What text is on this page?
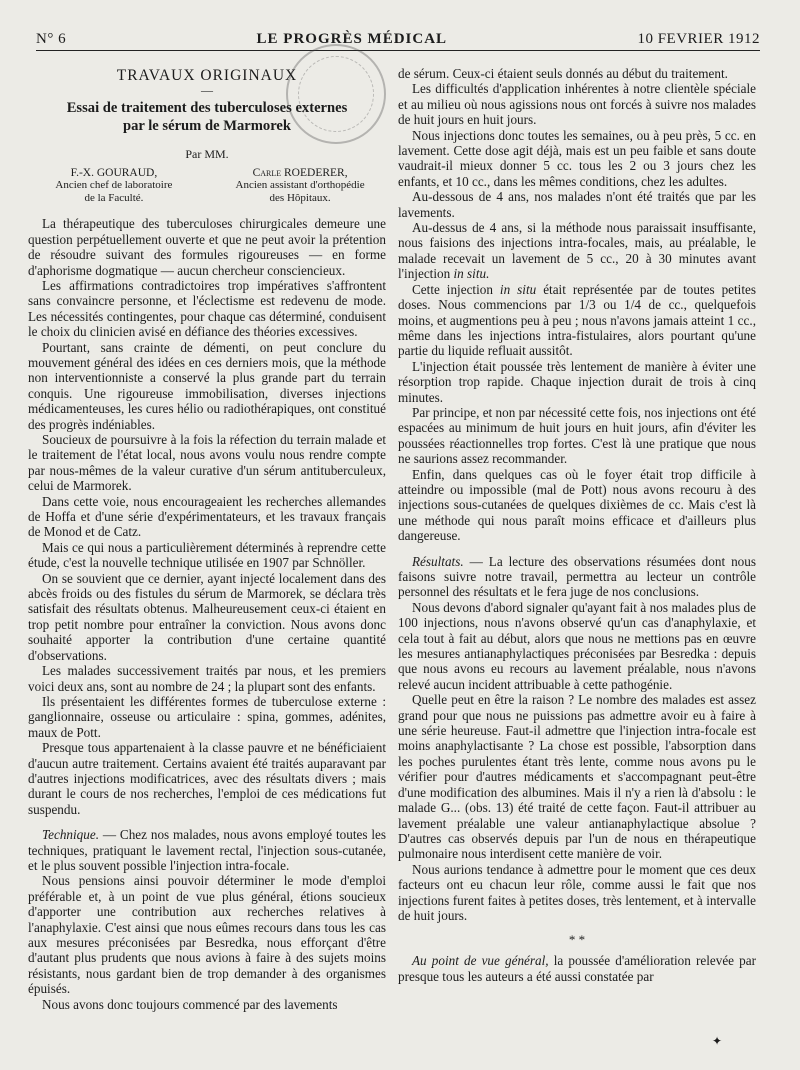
N° 6	LE PROGRÈS MÉDICAL	10 FEVRIER 1912
TRAVAUX ORIGINAUX
—
Essai de traitement des tuberculoses externes
par le sérum de Marmorek
Par MM.
F.-X. GOURAUD,
Ancien chef de laboratoire
de la Faculté.
Carle ROEDERER,
Ancien assistant d'orthopédie
des Hôpitaux.

La thérapeutique des tuberculoses chirurgicales demeure une question perpétuellement ouverte et que ne peut avoir la prétention de résoudre suivant des formules rigoureuses — en forme d'aphorisme dogmatique — aucun chercheur consciencieux.

Les affirmations contradictoires trop impératives s'affrontent sans convaincre personne, et l'éclectisme est redevenu de mode. Les nécessités contingentes, pour chaque cas déterminé, conduisent le choix du clinicien avisé en défiance des théories excessives.

Pourtant, sans crainte de démenti, on peut conclure du mouvement général des idées en ces derniers mois, que la méthode non interventionniste a conservé la plus grande part du terrain conquis. Une rigoureuse immobilisation, diverses injections médicamenteuses, les cures hélio ou radiothérapiques, ont constitué des progrès indéniables.

Soucieux de poursuivre à la fois la réfection du terrain malade et le traitement de l'état local, nous avons voulu nous rendre compte par nous-mêmes de la valeur curative d'un sérum antituberculeux, celui de Marmorek.

Dans cette voie, nous encourageaient les recherches allemandes de Hoffa et d'une série d'expérimentateurs, et les travaux français de Monod et de Catz.

Mais ce qui nous a particulièrement déterminés à reprendre cette étude, c'est la nouvelle technique utilisée en 1907 par Schnöller.

On se souvient que ce dernier, ayant injecté localement dans des abcès froids ou des fistules du sérum de Marmorek, se déclara très satisfait des résultats obtenus. Malheureusement ceux-ci étaient en trop petit nombre pour entraîner la conviction. Nous avons donc souhaité apporter la contribution d'une certaine quantité d'observations.

Les malades successivement traités par nous, et les premiers voici deux ans, sont au nombre de 24 ; la plupart sont des enfants.

Ils présentaient les différentes formes de tuberculose externe : ganglionnaire, osseuse ou articulaire : spina, gommes, adénites, maux de Pott.

Presque tous appartenaient à la classe pauvre et ne bénéficiaient d'aucun autre traitement. Certains avaient été traités auparavant par d'autres injections modificatrices, avec des résultats divers ; mais durant le cours de nos recherches, l'emploi de ces médications fut suspendu.

Technique. — Chez nos malades, nous avons employé toutes les techniques, pratiquant le lavement rectal, l'injection sous-cutanée, et le plus souvent possible l'injection intra-focale.

Nous pensions ainsi pouvoir déterminer le mode d'emploi préférable et, à un point de vue plus général, étions soucieux d'apporter une contribution aux recherches relatives à l'anaphylaxie. C'est ainsi que nous eûmes recours dans tous les cas aux mesures préconisées par Besredka, nous efforçant d'être d'autant plus prudents que nous avions à faire à des sujets moins résistants, nous gardant bien de trop demander à des organismes épuisés.

Nous avons donc toujours commencé par des lavements

de sérum. Ceux-ci étaient seuls donnés au début du traitement.

Les difficultés d'application inhérentes à notre clientèle spéciale et au milieu où nous agissions nous ont forcés à suivre nos malades de huit jours en huit jours.

Nous injections donc toutes les semaines, ou à peu près, 5 cc. en lavement. Cette dose agit déjà, mais est un peu faible et sans doute vaudrait-il mieux donner 5 cc. tous les 2 ou 3 jours chez les enfants, et 10 cc., dans les mêmes conditions, chez les adultes.

Au-dessous de 4 ans, nos malades n'ont été traités que par les lavements.

Au-dessus de 4 ans, si la méthode nous paraissait insuffisante, nous faisions des injections intra-focales, mais, au préalable, le malade recevait un lavement de 5 cc., 20 à 30 minutes avant l'injection in situ.

Cette injection in situ était représentée par de toutes petites doses. Nous commencions par 1/3 ou 1/4 de cc., quelquefois moins, et augmentions peu à peu ; nous n'avons jamais atteint 1 cc., même dans les injections intra-fistulaires, alors pourtant qu'une partie du liquide refluait aussitôt.

L'injection était poussée très lentement de manière à éviter une résorption trop rapide. Chaque injection durait de trois à cinq minutes.

Par principe, et non par nécessité cette fois, nos injections ont été espacées au minimum de huit jours en huit jours, afin d'éviter les poussées réactionnelles trop fortes. C'est là une pratique que nous ne saurions assez recommander.

Enfin, dans quelques cas où le foyer était trop difficile à atteindre ou impossible (mal de Pott) nous avons recouru à des injections sous-cutanées de quelques dixièmes de cc. Mais c'est là une méthode qui nous paraît moins efficace et d'ailleurs plus dangereuse.

Résultats. — La lecture des observations résumées dont nous faisons suivre notre travail, permettra au lecteur un contrôle personnel des résultats et le fera juge de nos conclusions.

Nous devons d'abord signaler qu'ayant fait à nos malades plus de 100 injections, nous n'avons observé qu'un cas d'anaphylaxie, et cela tout à fait au début, alors que nous ne mettions pas en œuvre les mesures antianaphylactiques préconisées par Besredka : depuis que nous avons eu recours au lavement préalable, nous n'avons relevé aucun incident attribuable à cette pathogénie.

Quelle peut en être la raison ? Le nombre des malades est assez grand pour que nous ne puissions pas admettre avoir eu à faire à une série heureuse. Faut-il admettre que l'injection intra-focale est moins anaphylactisante ? La chose est possible, l'absorption dans les poches purulentes étant très lente, comme nous avons pu le vérifier pour d'autres médicaments et s'accompagnant peut-être d'une modification des albumines. Mais il n'y a rien là d'absolu : le malade G... (obs. 13) été traité de cette façon. Faut-il attribuer au lavement préalable une valeur antianaphylactique absolue ? D'autres cas observés depuis par l'un de nous en thérapeutique pulmonaire nous interdisent cette manière de voir.

Nous aurions tendance à admettre pour le moment que ces deux facteurs ont eu chacun leur rôle, comme aussi le fait que nos injections furent faites à petites doses, très lentement, et à intervalle de huit jours.

* *

Au point de vue général, la poussée d'amélioration relevée par presque tous les auteurs a été aussi constatée par

✦
